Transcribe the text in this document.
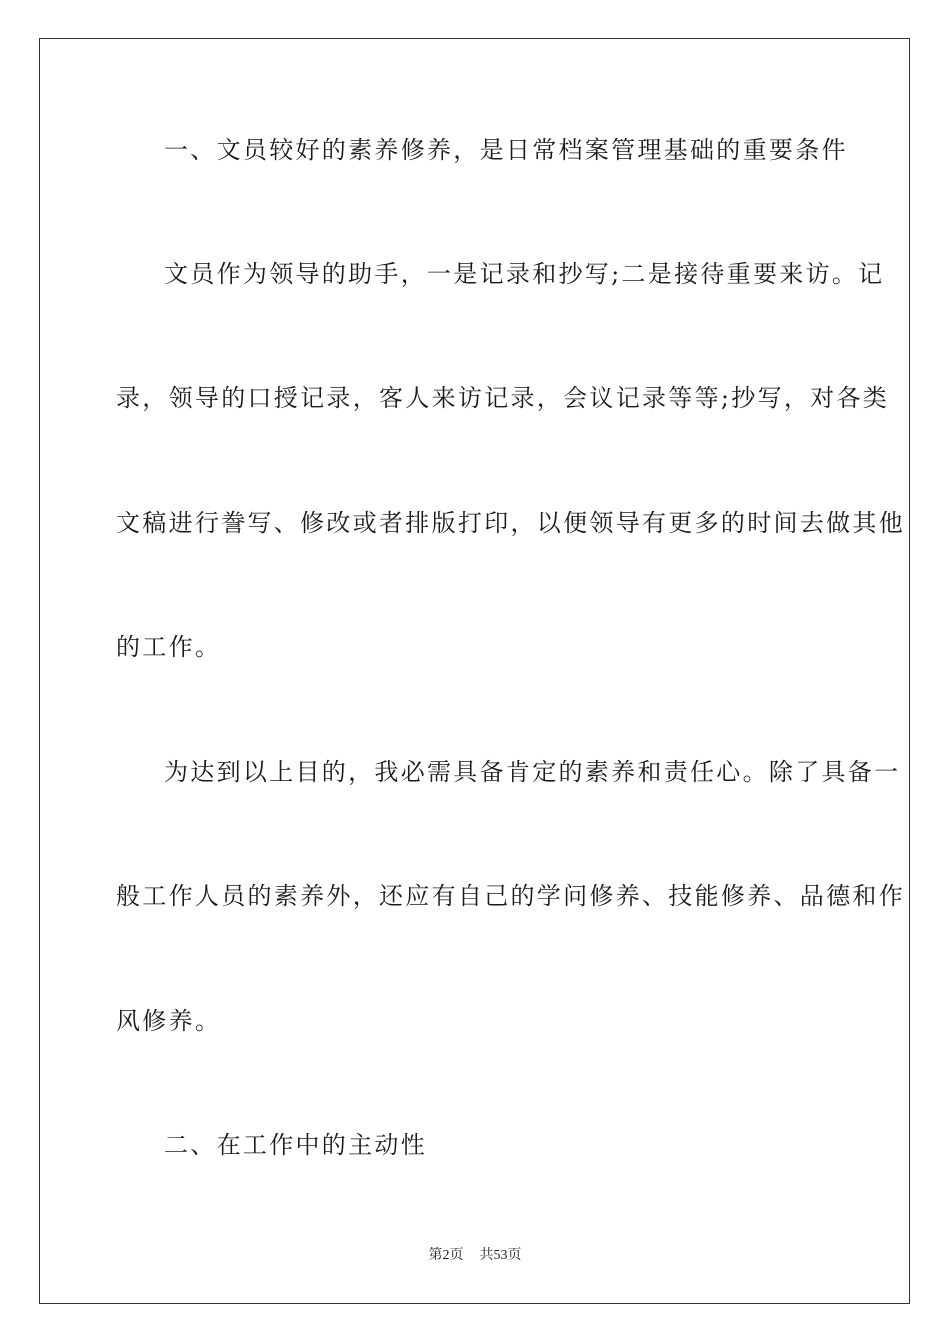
一、文员较好的素养修养，是日常档案管理基础的重要条件
文员作为领导的助手，一是记录和抄写;二是接待重要来访。记
录，领导的口授记录，客人来访记录，会议记录等等;抄写，对各类
文稿进行誊写、修改或者排版打印，以便领导有更多的时间去做其他
的工作。
为达到以上目的，我必需具备肯定的素养和责任心。除了具备一
般工作人员的素养外，还应有自己的学问修养、技能修养、品德和作
风修养。
二、在工作中的主动性
第2页 共53页
